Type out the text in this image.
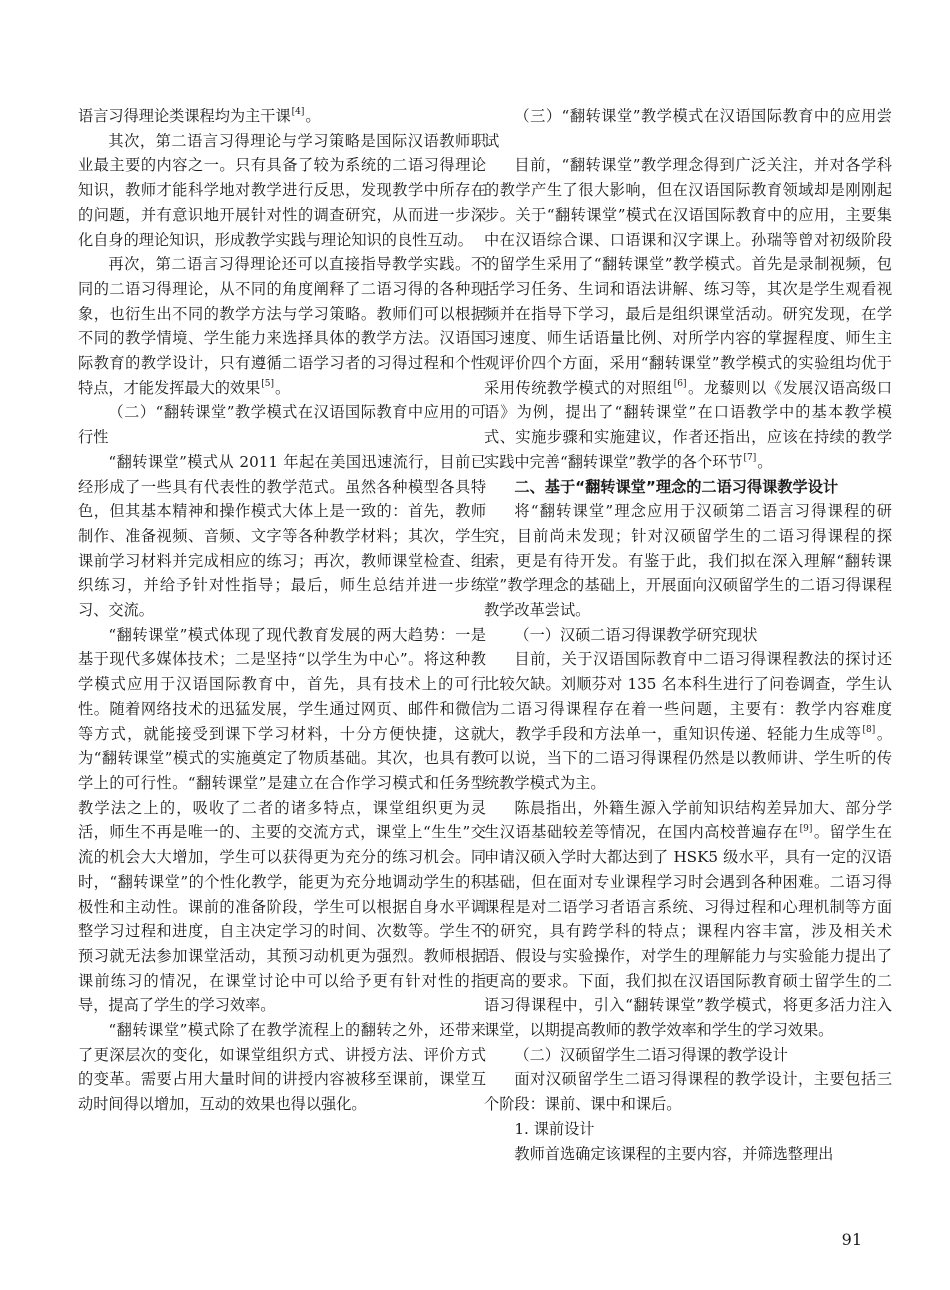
语言习得理论类课程均为主干课[4]。

其次，第二语言习得理论与学习策略是国际汉语教师职业最主要的内容之一。只有具备了较为系统的二语习得理论知识，教师才能科学地对教学进行反思，发现教学中所存在的问题，并有意识地开展针对性的调查研究，从而进一步深化自身的理论知识，形成教学实践与理论知识的良性互动。

再次，第二语言习得理论还可以直接指导教学实践。不同的二语习得理论，从不同的角度阐释了二语习得的各种现象，也衍生出不同的教学方法与学习策略。教师们可以根据不同的教学情境、学生能力来选择具体的教学方法。汉语国际教育的教学设计，只有遵循二语学习者的习得过程和个性特点，才能发挥最大的效果[5]。

（二）“翻转课堂”教学模式在汉语国际教育中应用的可行性

“翻转课堂”模式从 2011 年起在美国迅速流行，目前已经形成了一些具有代表性的教学范式。虽然各种模型各具特色，但其基本精神和操作模式大体上是一致的：首先，教师制作、准备视频、音频、文字等各种教学材料；其次，学生课前学习材料并完成相应的练习；再次，教师课堂检查、组织练习，并给予针对性指导；最后，师生总结并进一步练习、交流。

“翻转课堂”模式体现了现代教育发展的两大趋势：一是基于现代多媒体技术；二是坚持“以学生为中心”。将这种教学模式应用于汉语国际教育中，首先，具有技术上的可行性。随着网络技术的迅猛发展，学生通过网页、邮件和微信等方式，就能接受到课下学习材料，十分方便快捷，这就为“翻转课堂”模式的实施奠定了物质基础。其次，也具有教学上的可行性。“翻转课堂”是建立在合作学习模式和任务型教学法之上的，吸收了二者的诸多特点，课堂组织更为灵活，师生不再是唯一的、主要的交流方式，课堂上“生生”交流的机会大大增加，学生可以获得更为充分的练习机会。同时，“翻转课堂”的个性化教学，能更为充分地调动学生的积极性和主动性。课前的准备阶段，学生可以根据自身水平调整学习过程和进度，自主决定学习的时间、次数等。学生不预习就无法参加课堂活动，其预习动机更为强烈。教师根据课前练习的情况，在课堂讨论中可以给予更有针对性的指导，提高了学生的学习效率。

“翻转课堂”模式除了在教学流程上的翻转之外，还带来了更深层次的变化，如课堂组织方式、讲授方法、评价方式的变革。需要占用大量时间的讲授内容被移至课前，课堂互动时间得以增加，互动的效果也得以强化。

（三）“翻转课堂”教学模式在汉语国际教育中的应用尝试

目前，“翻转课堂”教学理念得到广泛关注，并对各学科的教学产生了很大影响，但在汉语国际教育领域却是刚刚起步。关于“翻转课堂”模式在汉语国际教育中的应用，主要集中在汉语综合课、口语课和汉字课上。孙瑞等曾对初级阶段的留学生采用了“翻转课堂”教学模式。首先是录制视频，包括学习任务、生词和语法讲解、练习等，其次是学生观看视频并在指导下学习，最后是组织课堂活动。研究发现，在学习速度、师生话语量比例、对所学内容的掌握程度、师生主观评价四个方面，采用“翻转课堂”教学模式的实验组均优于采用传统教学模式的对照组[6]。龙藜则以《发展汉语高级口语》为例，提出了“翻转课堂”在口语教学中的基本教学模式、实施步骤和实施建议，作者还指出，应该在持续的教学实践中完善“翻转课堂”教学的各个环节[7]。

二、基于“翻转课堂”理念的二语习得课教学设计

将“翻转课堂”理念应用于汉硕第二语言习得课程的研究，目前尚未发现；针对汉硕留学生的二语习得课程的探索，更是有待开发。有鉴于此，我们拟在深入理解“翻转课堂”教学理念的基础上，开展面向汉硕留学生的二语习得课程教学改革尝试。

（一）汉硕二语习得课教学研究现状

目前，关于汉语国际教育中二语习得课程教法的探讨还比较欠缺。刘顺芬对 135 名本科生进行了问卷调查，学生认为二语习得课程存在着一些问题，主要有：教学内容难度大，教学手段和方法单一，重知识传递、轻能力生成等[8]。可以说，当下的二语习得课程仍然是以教师讲、学生听的传统教学模式为主。

陈晨指出，外籍生源入学前知识结构差异加大、部分学生汉语基础较差等情况，在国内高校普遍存在[9]。留学生在申请汉硕入学时大都达到了 HSK5 级水平，具有一定的汉语基础，但在面对专业课程学习时会遇到各种困难。二语习得课程是对二语学习者语言系统、习得过程和心理机制等方面的研究，具有跨学科的特点；课程内容丰富，涉及相关术语、假设与实验操作，对学生的理解能力与实验能力提出了更高的要求。下面，我们拟在汉语国际教育硕士留学生的二语习得课程中，引入“翻转课堂”教学模式，将更多活力注入课堂，以期提高教师的教学效率和学生的学习效果。

（二）汉硕留学生二语习得课的教学设计

面对汉硕留学生二语习得课程的教学设计，主要包括三个阶段：课前、课中和课后。

1. 课前设计

教师首选确定该课程的主要内容，并筛选整理出

91
